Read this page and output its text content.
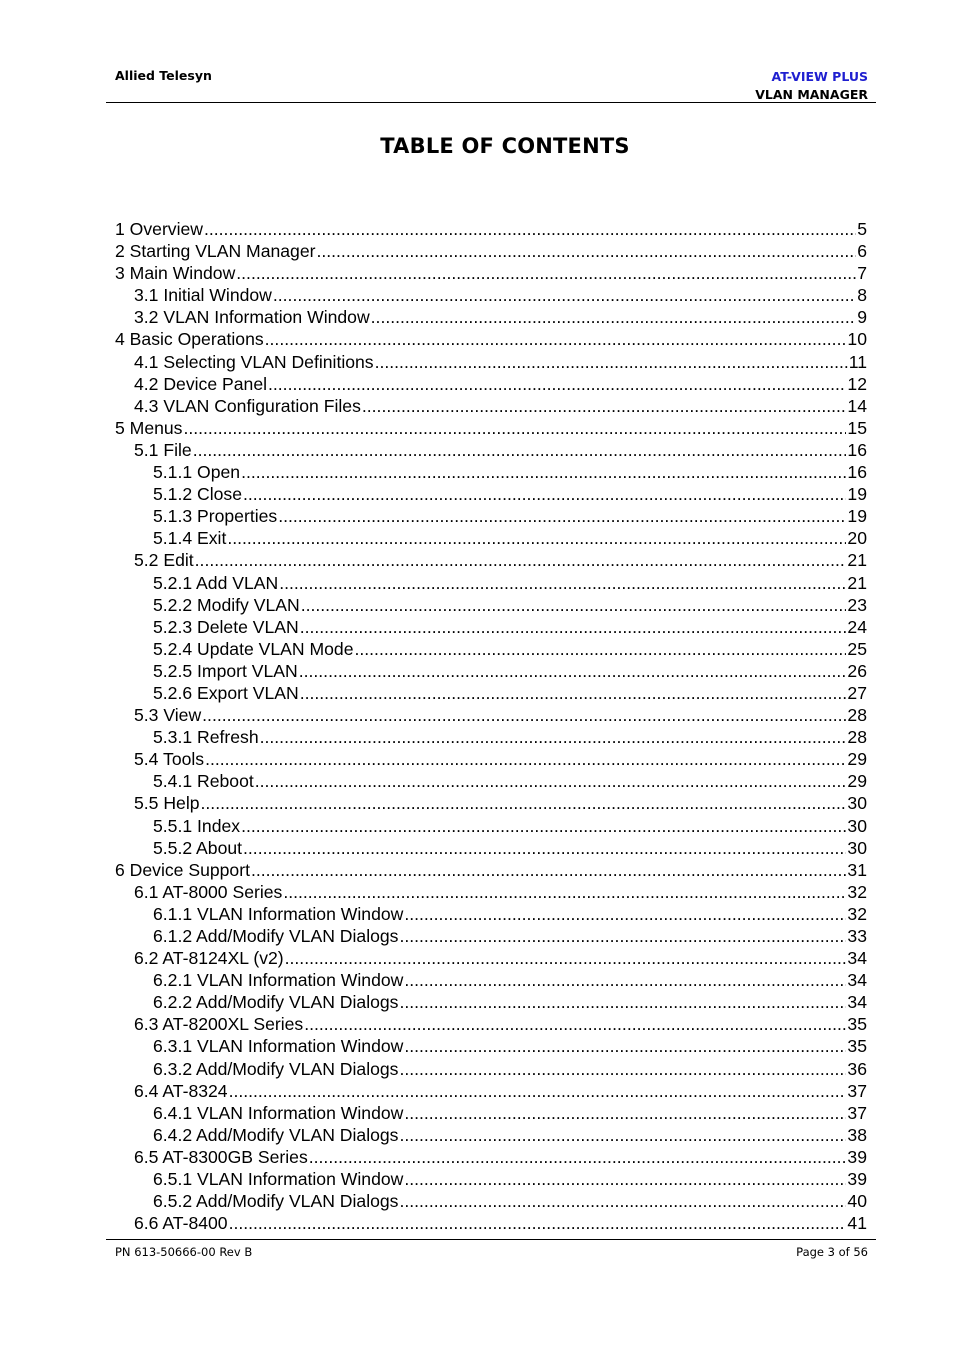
Allied Telesyn	AT-VIEW PLUS
VLAN MANAGER
TABLE OF CONTENTS
1 Overview .....	5
2 Starting VLAN Manager .....	6
3 Main Window .....	7
3.1 Initial Window .....	8
3.2 VLAN Information Window .....	9
4 Basic Operations .....	10
4.1 Selecting VLAN Definitions .....	11
4.2 Device Panel .....	12
4.3 VLAN Configuration Files .....	14
5 Menus .....	15
5.1 File .....	16
5.1.1 Open .....	16
5.1.2 Close .....	19
5.1.3 Properties .....	19
5.1.4 Exit .....	20
5.2 Edit .....	21
5.2.1 Add VLAN .....	21
5.2.2 Modify VLAN .....	23
5.2.3 Delete VLAN .....	24
5.2.4 Update VLAN Mode .....	25
5.2.5 Import VLAN .....	26
5.2.6 Export VLAN .....	27
5.3 View .....	28
5.3.1 Refresh .....	28
5.4 Tools .....	29
5.4.1 Reboot .....	29
5.5 Help .....	30
5.5.1 Index .....	30
5.5.2 About .....	30
6 Device Support .....	31
6.1 AT-8000 Series .....	32
6.1.1 VLAN Information Window .....	32
6.1.2 Add/Modify VLAN Dialogs .....	33
6.2 AT-8124XL (v2) .....	34
6.2.1 VLAN Information Window .....	34
6.2.2 Add/Modify VLAN Dialogs .....	34
6.3 AT-8200XL Series .....	35
6.3.1 VLAN Information Window .....	35
6.3.2 Add/Modify VLAN Dialogs .....	36
6.4 AT-8324 .....	37
6.4.1 VLAN Information Window .....	37
6.4.2 Add/Modify VLAN Dialogs .....	38
6.5 AT-8300GB Series .....	39
6.5.1 VLAN Information Window .....	39
6.5.2 Add/Modify VLAN Dialogs .....	40
6.6 AT-8400 .....	41
PN 613-50666-00 Rev B	Page 3 of 56
